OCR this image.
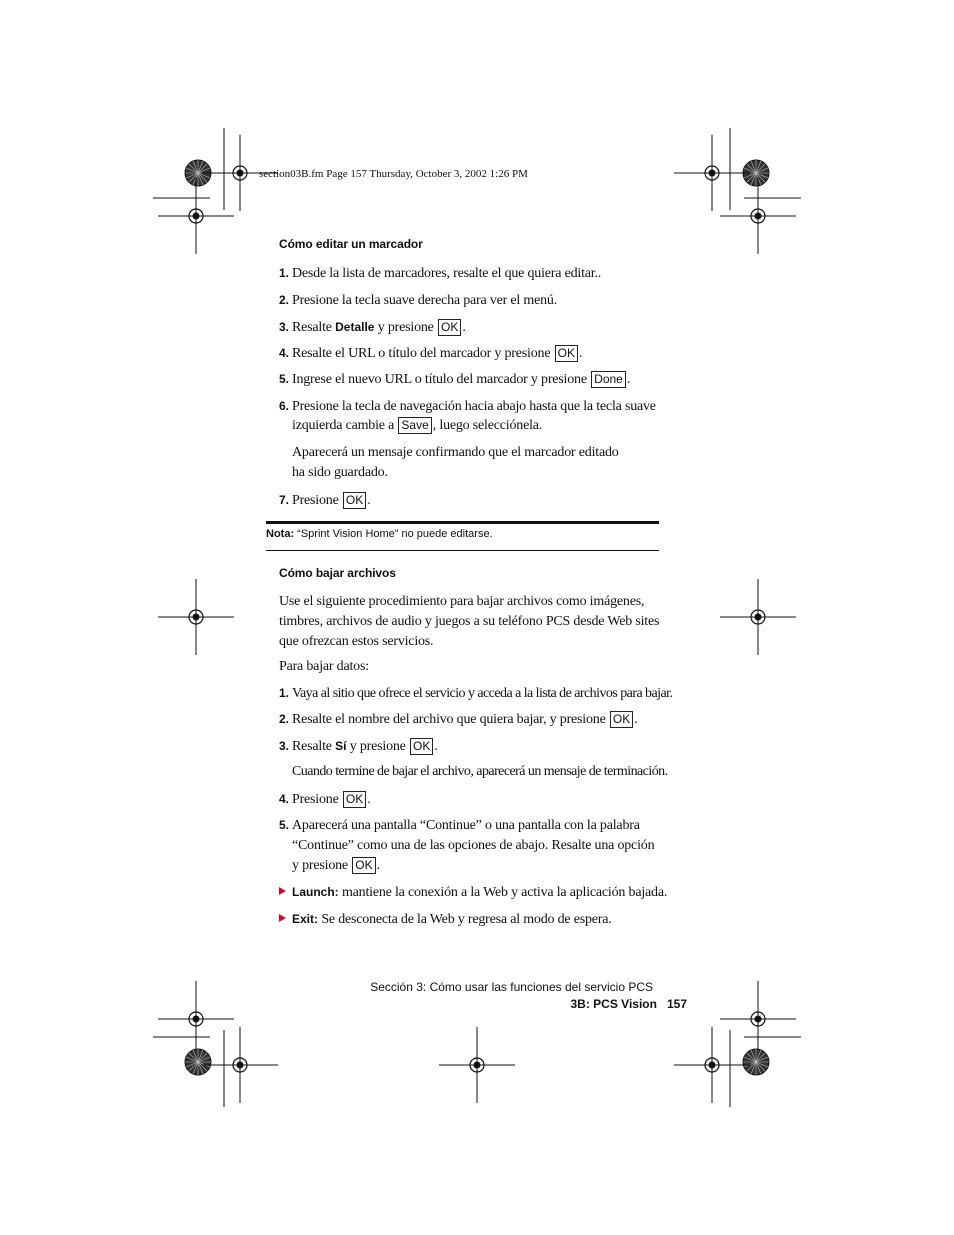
section03B.fm Page 157 Thursday, October 3, 2002 1:26 PM
Cómo editar un marcador
1. Desde la lista de marcadores, resalte el que quiera editar..
2. Presione la tecla suave derecha para ver el menú.
3. Resalte Detalle y presione OK .
4. Resalte el URL o título del marcador y presione OK .
5. Ingrese el nuevo URL o título del marcador y presione Done .
6. Presione la tecla de navegación hacia abajo hasta que la tecla suave
izquierda cambie a Save , luego selecciónela.
Aparecerá un mensaje confirmando que el marcador editado
ha sido guardado.
7. Presione OK .
Nota: “Sprint Vision Home” no puede editarse.
Cómo bajar archivos
Use el siguiente procedimiento para bajar archivos como imágenes,
timbres, archivos de audio y juegos a su teléfono PCS desde Web sites
que ofrezcan estos servicios.
Para bajar datos:
1. Vaya al sitio que ofrece el servicio y acceda a la lista de archivos para bajar.
2. Resalte el nombre del archivo que quiera bajar, y presione OK .
3. Resalte Sí y presione OK .
Cuando termine de bajar el archivo, aparecerá un mensaje de terminación.
4. Presione OK .
5. Aparecerá una pantalla “Continue” o una pantalla con la palabra
“Continue” como una de las opciones de abajo. Resalte una opción
y presione OK .
Launch: mantiene la conexión a la Web y activa la aplicación bajada.
Exit: Se desconecta de la Web y regresa al modo de espera.
Sección 3: Cómo usar las funciones del servicio PCS
3B: PCS Vision 157
